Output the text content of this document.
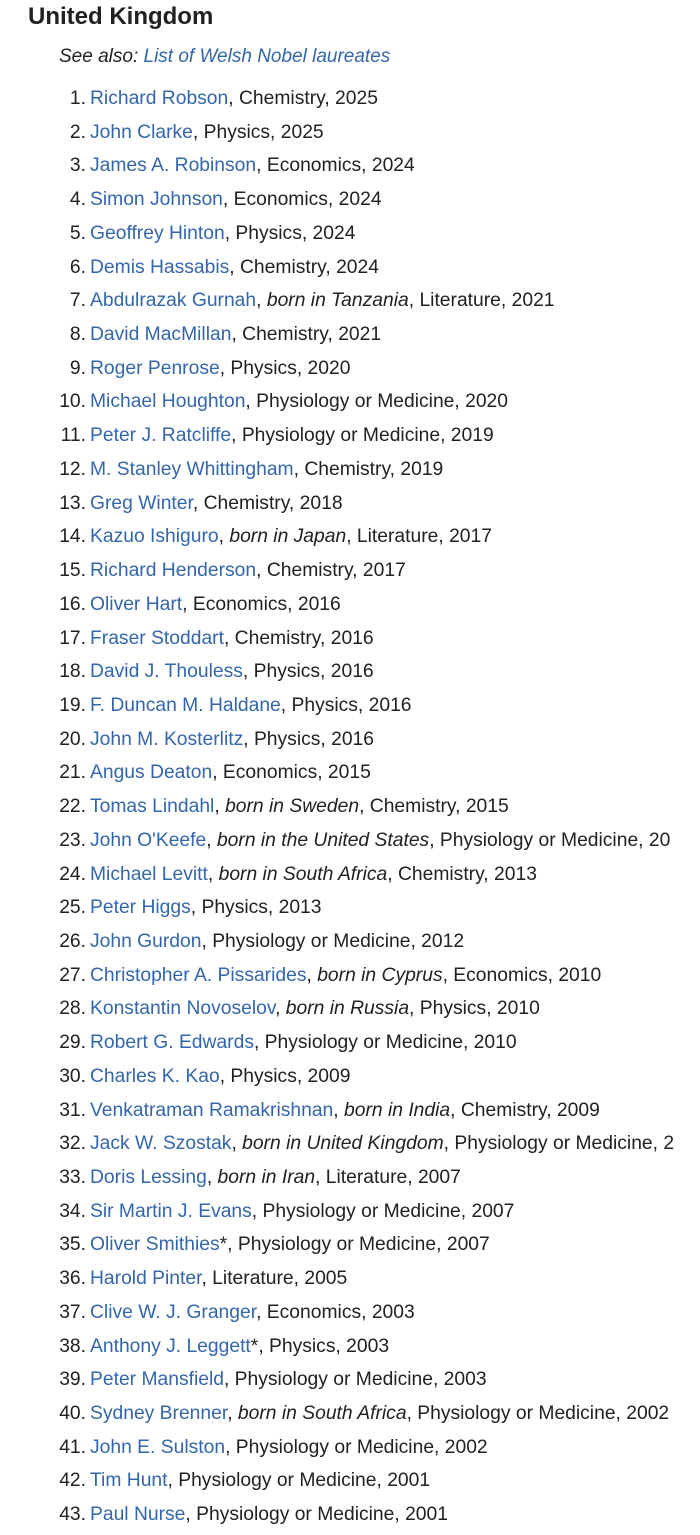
United Kingdom

See also: List of Welsh Nobel laureates

1. Richard Robson, Chemistry, 2025
2. John Clarke, Physics, 2025
3. James A. Robinson, Economics, 2024
4. Simon Johnson, Economics, 2024
5. Geoffrey Hinton, Physics, 2024
6. Demis Hassabis, Chemistry, 2024
7. Abdulrazak Gurnah, born in Tanzania, Literature, 2021
8. David MacMillan, Chemistry, 2021
9. Roger Penrose, Physics, 2020
10. Michael Houghton, Physiology or Medicine, 2020
11. Peter J. Ratcliffe, Physiology or Medicine, 2019
12. M. Stanley Whittingham, Chemistry, 2019
13. Greg Winter, Chemistry, 2018
14. Kazuo Ishiguro, born in Japan, Literature, 2017
15. Richard Henderson, Chemistry, 2017
16. Oliver Hart, Economics, 2016
17. Fraser Stoddart, Chemistry, 2016
18. David J. Thouless, Physics, 2016
19. F. Duncan M. Haldane, Physics, 2016
20. John M. Kosterlitz, Physics, 2016
21. Angus Deaton, Economics, 2015
22. Tomas Lindahl, born in Sweden, Chemistry, 2015
23. John O'Keefe, born in the United States, Physiology or Medicine, 20
24. Michael Levitt, born in South Africa, Chemistry, 2013
25. Peter Higgs, Physics, 2013
26. John Gurdon, Physiology or Medicine, 2012
27. Christopher A. Pissarides, born in Cyprus, Economics, 2010
28. Konstantin Novoselov, born in Russia, Physics, 2010
29. Robert G. Edwards, Physiology or Medicine, 2010
30. Charles K. Kao, Physics, 2009
31. Venkatraman Ramakrishnan, born in India, Chemistry, 2009
32. Jack W. Szostak, born in United Kingdom, Physiology or Medicine, 2
33. Doris Lessing, born in Iran, Literature, 2007
34. Sir Martin J. Evans, Physiology or Medicine, 2007
35. Oliver Smithies*, Physiology or Medicine, 2007
36. Harold Pinter, Literature, 2005
37. Clive W. J. Granger, Economics, 2003
38. Anthony J. Leggett*, Physics, 2003
39. Peter Mansfield, Physiology or Medicine, 2003
40. Sydney Brenner, born in South Africa, Physiology or Medicine, 2002
41. John E. Sulston, Physiology or Medicine, 2002
42. Tim Hunt, Physiology or Medicine, 2001
43. Paul Nurse, Physiology or Medicine, 2001
